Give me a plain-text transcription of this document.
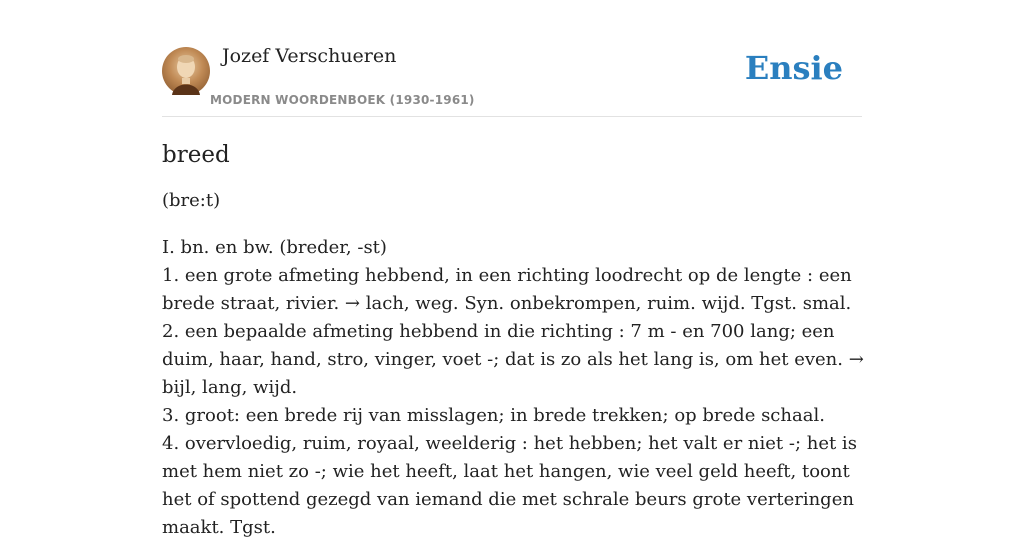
Jozef Verschueren
MODERN WOORDENBOEK (1930-1961)
Ensie
breed
(bre:t)
I. bn. en bw. (breder, -st)
1. een grote afmeting hebbend, in een richting loodrecht op de lengte : een brede straat, rivier. → lach, weg. Syn. onbekrompen, ruim. wijd. Tgst. smal.
2. een bepaalde afmeting hebbend in die richting : 7 m - en 700 lang; een duim, haar, hand, stro, vinger, voet -; dat is zo als het lang is, om het even. → bijl, lang, wijd.
3. groot: een brede rij van misslagen; in brede trekken; op brede schaal.
4. overvloedig, ruim, royaal, weelderig : het hebben; het valt er niet -; het is met hem niet zo -; wie het heeft, laat het hangen, wie veel geld heeft, toont het of spottend gezegd van iemand die met schrale beurs grote verteringen maakt. Tgst.
